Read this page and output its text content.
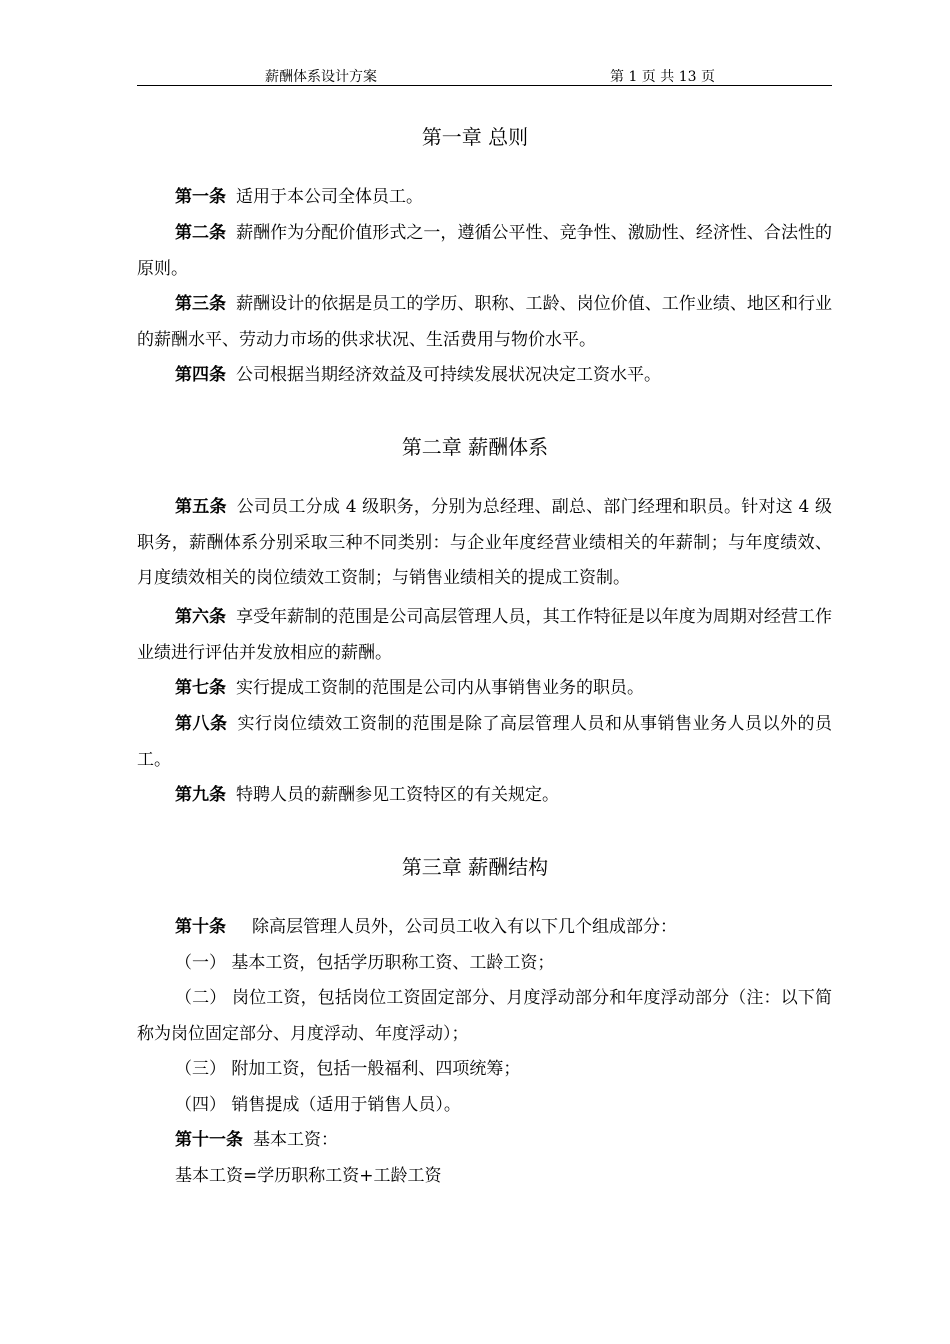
薪酬体系设计方案	第 1 页 共 13 页
第一章 总则
第一条 适用于本公司全体员工。
第二条 薪酬作为分配价值形式之一，遵循公平性、竞争性、激励性、经济性、合法性的原则。
第三条 薪酬设计的依据是员工的学历、职称、工龄、岗位价值、工作业绩、地区和行业的薪酬水平、劳动力市场的供求状况、生活费用与物价水平。
第四条 公司根据当期经济效益及可持续发展状况决定工资水平。
第二章 薪酬体系
第五条 公司员工分成 4 级职务，分别为总经理、副总、部门经理和职员。针对这 4 级职务，薪酬体系分别采取三种不同类别：与企业年度经营业绩相关的年薪制；与年度绩效、月度绩效相关的岗位绩效工资制；与销售业绩相关的提成工资制。
第六条 享受年薪制的范围是公司高层管理人员，其工作特征是以年度为周期对经营工作业绩进行评估并发放相应的薪酬。
第七条 实行提成工资制的范围是公司内从事销售业务的职员。
第八条 实行岗位绩效工资制的范围是除了高层管理人员和从事销售业务人员以外的员工。
第九条 特聘人员的薪酬参见工资特区的有关规定。
第三章 薪酬结构
第十条 除高层管理人员外，公司员工收入有以下几个组成部分：
（一） 基本工资，包括学历职称工资、工龄工资；
（二） 岗位工资，包括岗位工资固定部分、月度浮动部分和年度浮动部分（注：以下简称为岗位固定部分、月度浮动、年度浮动）；
（三） 附加工资，包括一般福利、四项统筹；
（四） 销售提成（适用于销售人员）。
第十一条 基本工资：
基本工资=学历职称工资+工龄工资
